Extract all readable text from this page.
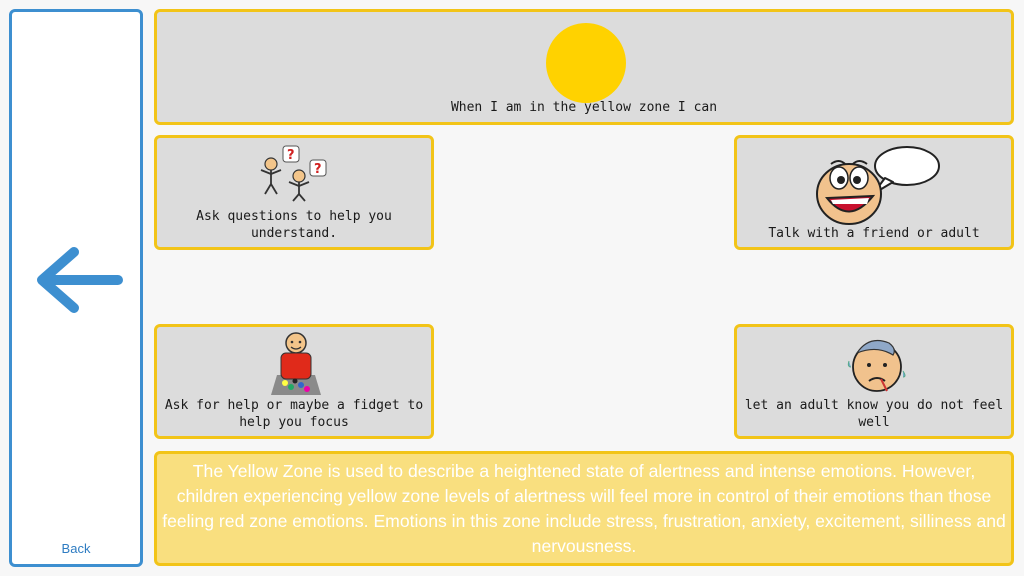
Back
When I am in the yellow zone I can
?
?
Ask questions to help you understand.	Talk with a friend or adult
Ask for help or maybe a fidget to help you focus
let an adult know you do not feel well

The Yellow Zone is used to describe a heightened state of alertness and intense emotions. However, children experiencing yellow zone levels of alertness will feel more in control of their emotions than those feeling red zone emotions. Emotions in this zone include stress, frustration, anxiety, excitement, silliness and nervousness.
